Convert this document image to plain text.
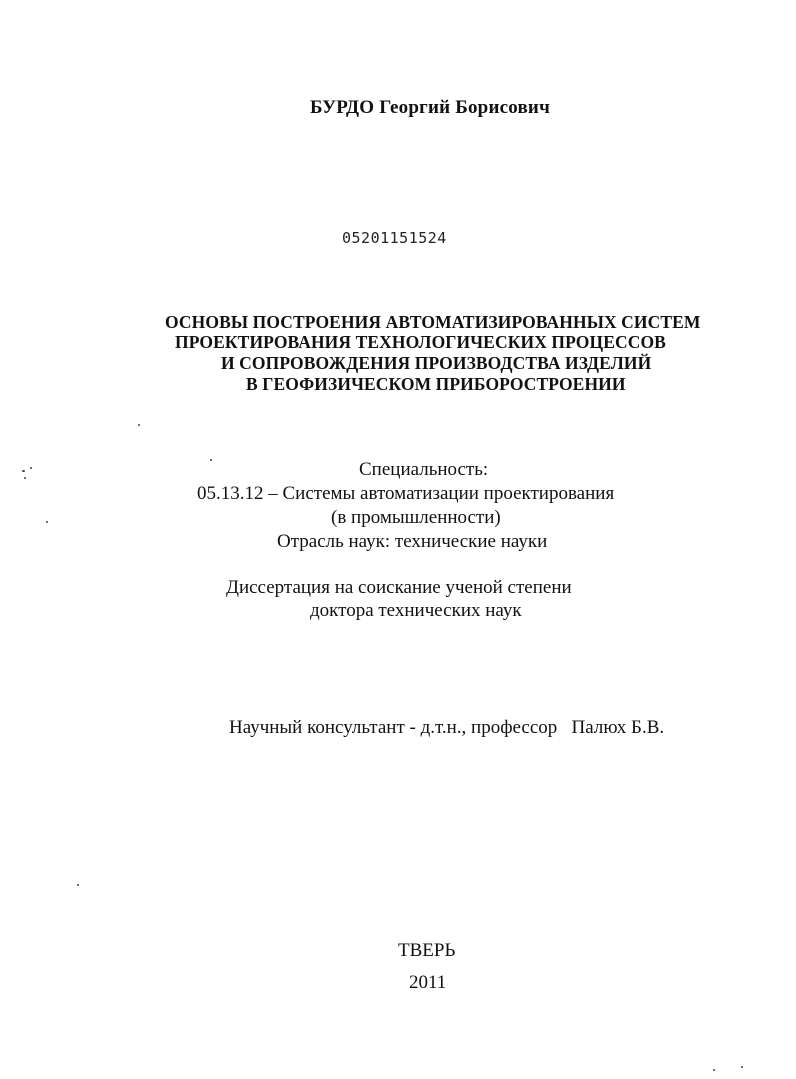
БУРДО Георгий Борисович
05201151524
ОСНОВЫ ПОСТРОЕНИЯ АВТОМАТИЗИРОВАННЫХ СИСТЕМ
ПРОЕКТИРОВАНИЯ ТЕХНОЛОГИЧЕСКИХ ПРОЦЕССОВ
И СОПРОВОЖДЕНИЯ ПРОИЗВОДСТВА ИЗДЕЛИЙ
В ГЕОФИЗИЧЕСКОМ ПРИБОРОСТРОЕНИИ
Специальность:
05.13.12 – Системы автоматизации проектирования
(в промышленности)
Отрасль наук: технические науки
Диссертация на соискание ученой степени
доктора технических наук
Научный консультант - д.т.н., профессор   Палюх Б.В.
ТВЕРЬ
2011
